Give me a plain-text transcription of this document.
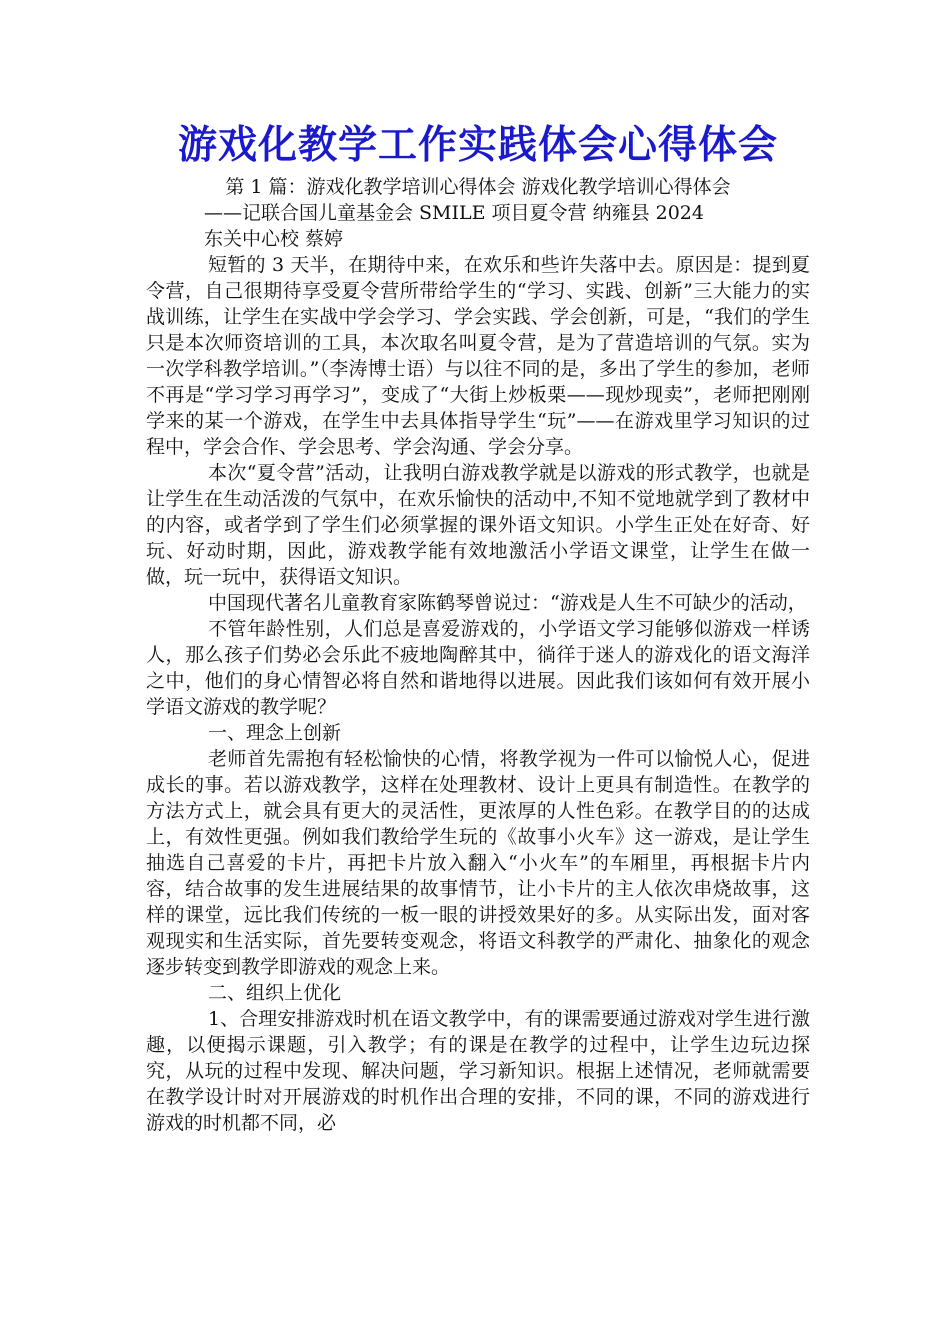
游戏化教学工作实践体会心得体会

第 1 篇：游戏化教学培训心得体会 游戏化教学培训心得体会

——记联合国儿童基金会 SMILE 项目夏令营 纳雍县 2024

东关中心校 蔡婷

短暂的 3 天半，在期待中来，在欢乐和些许失落中去。原因是：提到夏令营，自己很期待享受夏令营所带给学生的“学习、实践、创新”三大能力的实战训练，让学生在实战中学会学习、学会实践、学会创新，可是，“我们的学生只是本次师资培训的工具，本次取名叫夏令营，是为了营造培训的气氛。实为一次学科教学培训。”（李涛博士语）与以往不同的是，多出了学生的参加，老师不再是“学习学习再学习”，变成了“大街上炒板栗——现炒现卖”，老师把刚刚学来的某一个游戏，在学生中去具体指导学生“玩”——在游戏里学习知识的过程中，学会合作、学会思考、学会沟通、学会分享。

本次“夏令营”活动，让我明白游戏教学就是以游戏的形式教学，也就是让学生在生动活泼的气氛中，在欢乐愉快的活动中,不知不觉地就学到了教材中的内容，或者学到了学生们必须掌握的课外语文知识。小学生正处在好奇、好玩、好动时期，因此，游戏教学能有效地激活小学语文课堂，让学生在做一做，玩一玩中，获得语文知识。

中国现代著名儿童教育家陈鹤琴曾说过：“游戏是人生不可缺少的活动，

不管年龄性别，人们总是喜爱游戏的，小学语文学习能够似游戏一样诱人，那么孩子们势必会乐此不疲地陶醉其中，徜徉于迷人的游戏化的语文海洋之中，他们的身心情智必将自然和谐地得以进展。因此我们该如何有效开展小学语文游戏的教学呢？

一、理念上创新

老师首先需抱有轻松愉快的心情，将教学视为一件可以愉悦人心，促进成长的事。若以游戏教学，这样在处理教材、设计上更具有制造性。在教学的方法方式上，就会具有更大的灵活性，更浓厚的人性色彩。在教学目的的达成上，有效性更强。例如我们教给学生玩的《故事小火车》这一游戏，是让学生抽选自己喜爱的卡片，再把卡片放入翻入“小火车”的车厢里，再根据卡片内容，结合故事的发生进展结果的故事情节，让小卡片的主人依次串烧故事，这样的课堂，远比我们传统的一板一眼的讲授效果好的多。从实际出发，面对客观现实和生活实际，首先要转变观念，将语文科教学的严肃化、抽象化的观念逐步转变到教学即游戏的观念上来。

二、组织上优化

1、合理安排游戏时机在语文教学中，有的课需要通过游戏对学生进行激趣，以便揭示课题，引入教学；有的课是在教学的过程中，让学生边玩边探究，从玩的过程中发现、解决问题，学习新知识。根据上述情况，老师就需要在教学设计时对开展游戏的时机作出合理的安排，不同的课，不同的游戏进行游戏的时机都不同，必
